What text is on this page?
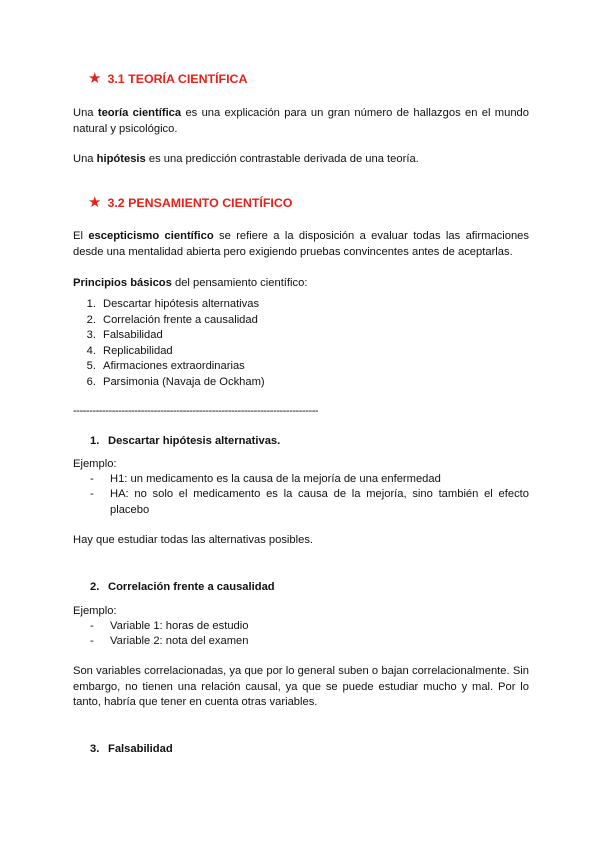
★ 3.1 TEORÍA CIENTÍFICA
Una teoría científica es una explicación para un gran número de hallazgos en el mundo natural y psicológico.
Una hipótesis es una predicción contrastable derivada de una teoría.
★ 3.2 PENSAMIENTO CIENTÍFICO
El escepticismo científico se refiere a la disposición a evaluar todas las afirmaciones desde una mentalidad abierta pero exigiendo pruebas convincentes antes de aceptarlas.
Principios básicos del pensamiento científico:
1. Descartar hipótesis alternativas
2. Correlación frente a causalidad
3. Falsabilidad
4. Replicabilidad
5. Afirmaciones extraordinarias
6. Parsimonia (Navaja de Ockham)
----------------------------------------------------------------------------
1. Descartar hipótesis alternativas.
Ejemplo:
-	H1: un medicamento es la causa de la mejoría de una enfermedad
-	HA: no solo el medicamento es la causa de la mejoría, sino también el efecto placebo
Hay que estudiar todas las alternativas posibles.
2. Correlación frente a causalidad
Ejemplo:
-	Variable 1: horas de estudio
-	Variable 2: nota del examen
Son variables correlacionadas, ya que por lo general suben o bajan correlacionalmente. Sin embargo, no tienen una relación causal, ya que se puede estudiar mucho y mal. Por lo tanto, habría que tener en cuenta otras variables.
3. Falsabilidad
